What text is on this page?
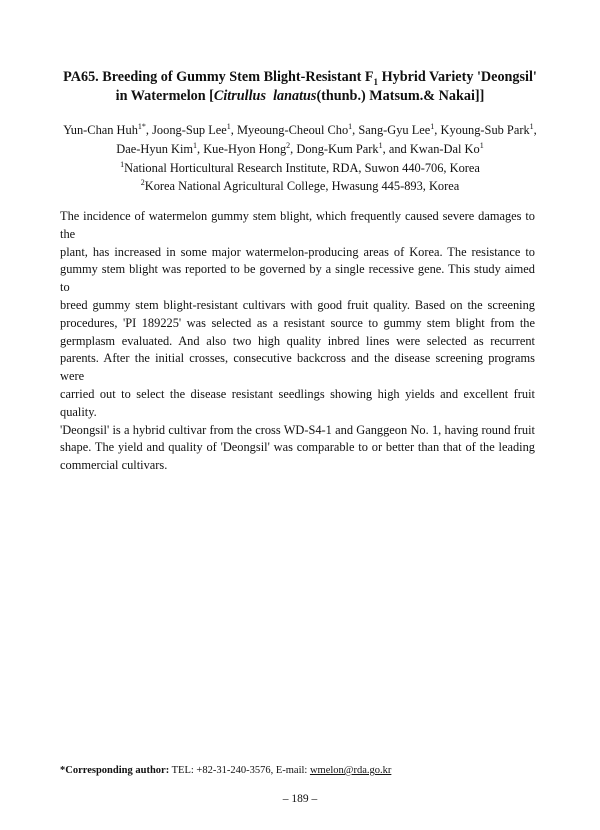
PA65. Breeding of Gummy Stem Blight-Resistant $F_1$ Hybrid Variety 'Deongsil'
in Watermelon [Citrullus lanatus(thunb.) Matsum.& Nakai]]
Yun-Chan Huh$^{1*}$, Joong-Sup Lee$^1$, Myeoung-Cheoul Cho$^1$, Sang-Gyu Lee$^1$, Kyoung-Sub Park$^1$,
Dae-Hyun Kim$^1$, Kue-Hyon Hong$^2$, Dong-Kum Park$^1$, and Kwan-Dal Ko$^1$
$^1$National Horticultural Research Institute, RDA, Suwon 440-706, Korea
$^2$Korea National Agricultural College, Hwasung 445-893, Korea
The incidence of watermelon gummy stem blight, which frequently caused severe damages to the
plant, has increased in some major watermelon-producing areas of Korea. The resistance to
gummy stem blight was reported to be governed by a single recessive gene. This study aimed to
breed gummy stem blight-resistant cultivars with good fruit quality. Based on the screening
procedures, 'PI 189225' was selected as a resistant source to gummy stem blight from the
germplasm evaluated. And also two high quality inbred lines were selected as recurrent
parents. After the initial crosses, consecutive backcross and the disease screening programs were
carried out to select the disease resistant seedlings showing high yields and excellent fruit quality.
'Deongsil' is a hybrid cultivar from the cross WD-S4-1 and Ganggeon No. 1, having round fruit
shape. The yield and quality of 'Deongsil' was comparable to or better than that of the leading
commercial cultivars.
*Corresponding author: TEL: +82-31-240-3576, E-mail: wmelon@rda.go.kr
– 189 –
